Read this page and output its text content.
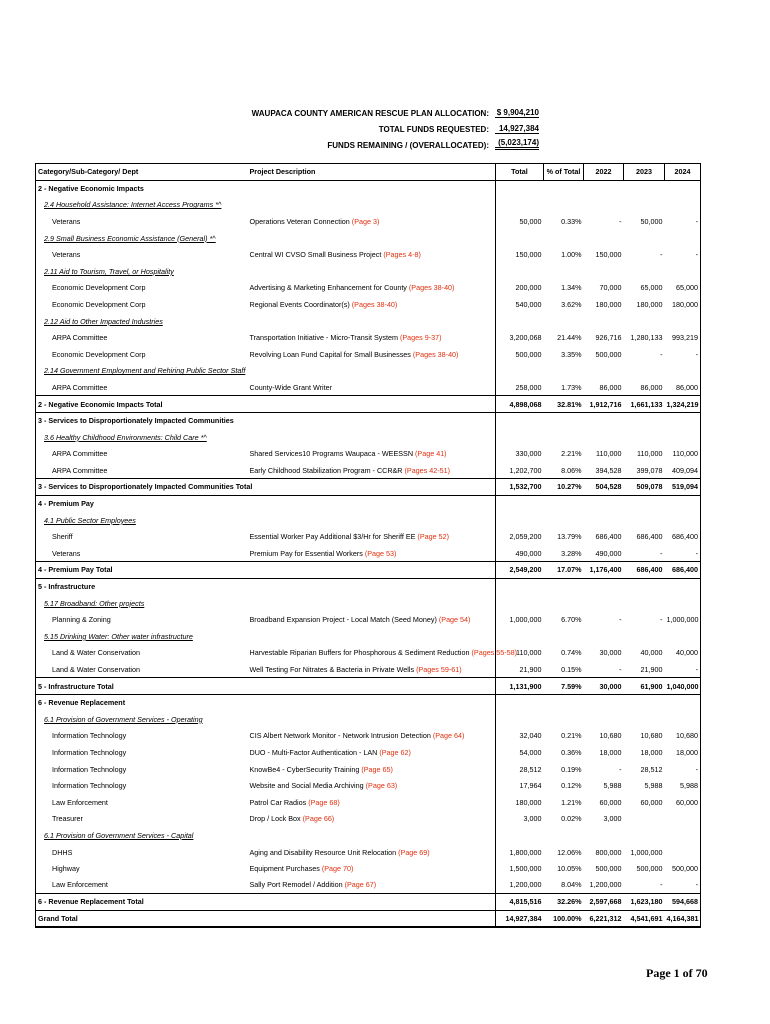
WAUPACA COUNTY AMERICAN RESCUE PLAN ALLOCATION: $ 9,904,210
TOTAL FUNDS REQUESTED:	14,927,384
FUNDS REMAINING / (OVERALLOCATED):	(5,023,174)
Category/Sub-Category/ Dept	Project Description	Total	% of Total	2022	2023	2024
2 - Negative Economic Impacts						
2.4 Household Assistance: Internet Access Programs *^						
Veterans	Operations Veteran Connection (Page 3)	50,000	0.33%	-	50,000	-
2.9 Small Business Economic Assistance (General) *^						
Veterans	Central WI CVSO Small Business Project (Pages 4-8)	150,000	1.00%	150,000	-	-
2.11 Aid to Tourism, Travel, or Hospitality						
Economic Development Corp	Advertising & Marketing Enhancement for County (Pages 38-40)	200,000	1.34%	70,000	65,000	65,000
Economic Development Corp	Regional Events Coordinator(s) (Pages 38-40)	540,000	3.62%	180,000	180,000	180,000
2.12 Aid to Other Impacted Industries						
ARPA Committee	Transportation Initiative - Micro-Transit System (Pages 9-37)	3,200,068	21.44%	926,716	1,280,133	993,219
Economic Development Corp	Revolving Loan Fund Capital for Small Businesses (Pages 38-40)	500,000	3.35%	500,000	-	-
2.14 Government Employment and Rehiring Public Sector Staff						
ARPA Committee	County-Wide Grant Writer	258,000	1.73%	86,000	86,000	86,000
2 - Negative Economic Impacts Total		4,898,068	32.81%	1,912,716	1,661,133	1,324,219
3 - Services to Disproportionately Impacted Communities						
3.6 Healthy Childhood Environments: Child Care *^						
ARPA Committee	Shared Services10 Programs Waupaca - WEESSN (Page 41)	330,000	2.21%	110,000	110,000	110,000
ARPA Committee	Early Childhood Stabilization Program - CCR&R (Pages 42-51)	1,202,700	8.06%	394,528	399,078	409,094
3 - Services to Disproportionately Impacted Communities Total		1,532,700	10.27%	504,528	509,078	519,094
4 - Premium Pay						
4.1 Public Sector Employees						
Sheriff	Essential Worker Pay Additional $3/Hr for Sheriff EE (Page 52)	2,059,200	13.79%	686,400	686,400	686,400
Veterans	Premium Pay for Essential Workers (Page 53)	490,000	3.28%	490,000	-	-
4 - Premium Pay Total		2,549,200	17.07%	1,176,400	686,400	686,400
5 - Infrastructure						
5.17 Broadband: Other projects						
Planning & Zoning	Broadband Expansion Project - Local Match (Seed Money) (Page 54)	1,000,000	6.70%	-	-	1,000,000
5.15 Drinking Water: Other water infrastructure						
Land & Water Conservation	Harvestable Riparian Buffers for Phosphorous & Sediment Reduction (Pages 55-58)	110,000	0.74%	30,000	40,000	40,000
Land & Water Conservation	Well Testing For Nitrates & Bacteria in Private Wells (Pages 59-61)	21,900	0.15%	-	21,900	-
5 - Infrastructure Total		1,131,900	7.59%	30,000	61,900	1,040,000
6 - Revenue Replacement						
6.1 Provision of Government Services - Operating						
Information Technology	CIS Albert Network Monitor - Network Intrusion Detection (Page 64)	32,040	0.21%	10,680	10,680	10,680
Information Technology	DUO - Multi-Factor Authentication - LAN (Page 62)	54,000	0.36%	18,000	18,000	18,000
Information Technology	KnowBe4 - CyberSecurity Training (Page 65)	28,512	0.19%	-	28,512	-
Information Technology	Website and Social Media Archiving (Page 63)	17,964	0.12%	5,988	5,988	5,988
Law Enforcement	Patrol Car Radios (Page 68)	180,000	1.21%	60,000	60,000	60,000
Treasurer	Drop / Lock Box (Page 66)	3,000	0.02%	3,000		
6.1 Provision of Government Services - Capital						
DHHS	Aging and Disability Resource Unit Relocation (Page 69)	1,800,000	12.06%	800,000	1,000,000	
Highway	Equipment Purchases (Page 70)	1,500,000	10.05%	500,000	500,000	500,000
Law Enforcement	Sally Port Remodel / Addition (Page 67)	1,200,000	8.04%	1,200,000	-	-
6 - Revenue Replacement Total		4,815,516	32.26%	2,597,668	1,623,180	594,668
Grand Total		14,927,384	100.00%	6,221,312	4,541,691	4,164,381
Page 1 of 70
